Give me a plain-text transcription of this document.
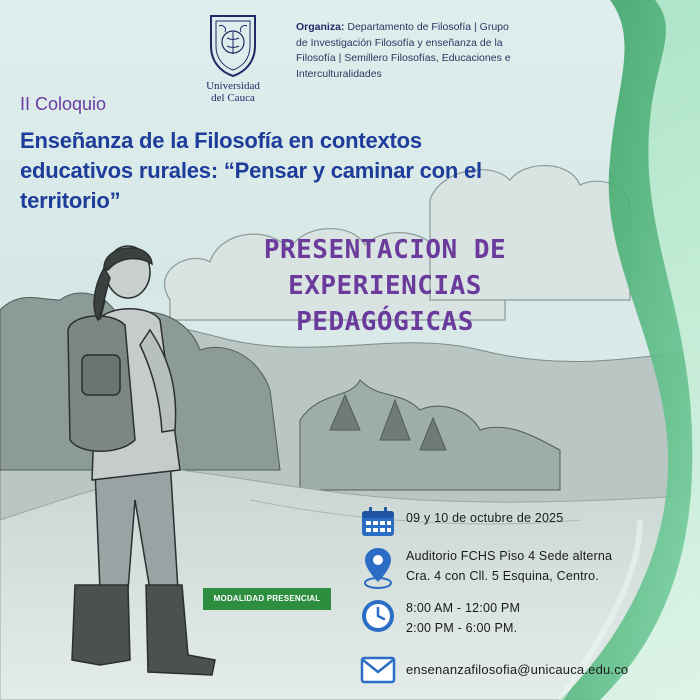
Universidad
del Cauca
Organiza: Departamento de Filosofía | Grupo de Investigación Filosofía y enseñanza de la Filosofía | Semillero Filosofías, Educaciones e Interculturalidades
II Coloquio
Enseñanza de la Filosofía en contextos educativos rurales: “Pensar y caminar con el territorio”
PRESENTACION DE
EXPERIENCIAS
PEDAGÓGICAS
MODALIDAD PRESENCIAL
09 y 10 de octubre de 2025
Auditorio FCHS Piso 4 Sede alterna
Cra. 4 con Cll. 5 Esquina, Centro.
8:00 AM - 12:00 PM
2:00 PM - 6:00 PM.
ensenanzafilosofia@unicauca.edu.co
